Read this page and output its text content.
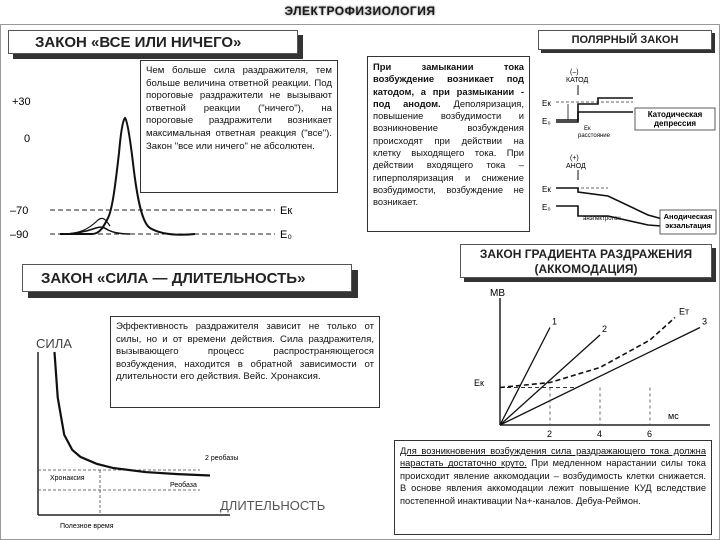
ЭЛЕКТРОФИЗИОЛОГИЯ
ЗАКОН «ВСЕ ИЛИ НИЧЕГО»
+30
0
–70
–90
Ек
Е₀
Чем больше сила раздражителя, тем больше величина ответной реакции. Под пороговые раздражители не вызывают ответной реакции ("ничего"), на пороговые раздражители возникает максимальная ответная реакция ("все"). Закон "все или ничего" не абсолютен.
При замыкании тока возбуждение возникает под катодом, а при размыкании - под анодом. Деполяризация, повышение возбудимости и возникновение возбуждения происходят при действии на клетку выходящего тока. При действии входящего тока – гиперполяризация и снижение возбудимости, возбуждение не возникает.
ПОЛЯРНЫЙ ЗАКОН
(–) КАТОД
Ек
Е₀
Ек расстояние
Катодическая депрессия
(+) АНОД
Ек
Е₀
анэлектротон	Анодическая экзальтация
ЗАКОН «СИЛА — ДЛИТЕЛЬНОСТЬ»
СИЛА
ДЛИТЕЛЬНОСТЬ
Хронаксия
2 реобазы
Реобаза
Полезное время
Эффективность раздражителя зависит не только от силы, но и от времени действия. Сила раздражителя, вызывающего процесс распространяющегося возбуждения, находится в обратной зависимости от длительности его действия. Вейс. Хронаксия.
ЗАКОН ГРАДИЕНТА РАЗДРАЖЕНИЯ
(АККОМОДАЦИЯ)
МВ
мс
Ек
1
2
3
Ет
2	4	6
Для возникновения возбуждения сила раздражающего тока должна нарастать достаточно круто. При медленном нарастании силы тока происходит явление аккомодации – возбудимость клетки снижается. В основе явления аккомодации лежит повышение КУД вследствие постепенной инактивации Na+-каналов. Дебуа-Реймон.
